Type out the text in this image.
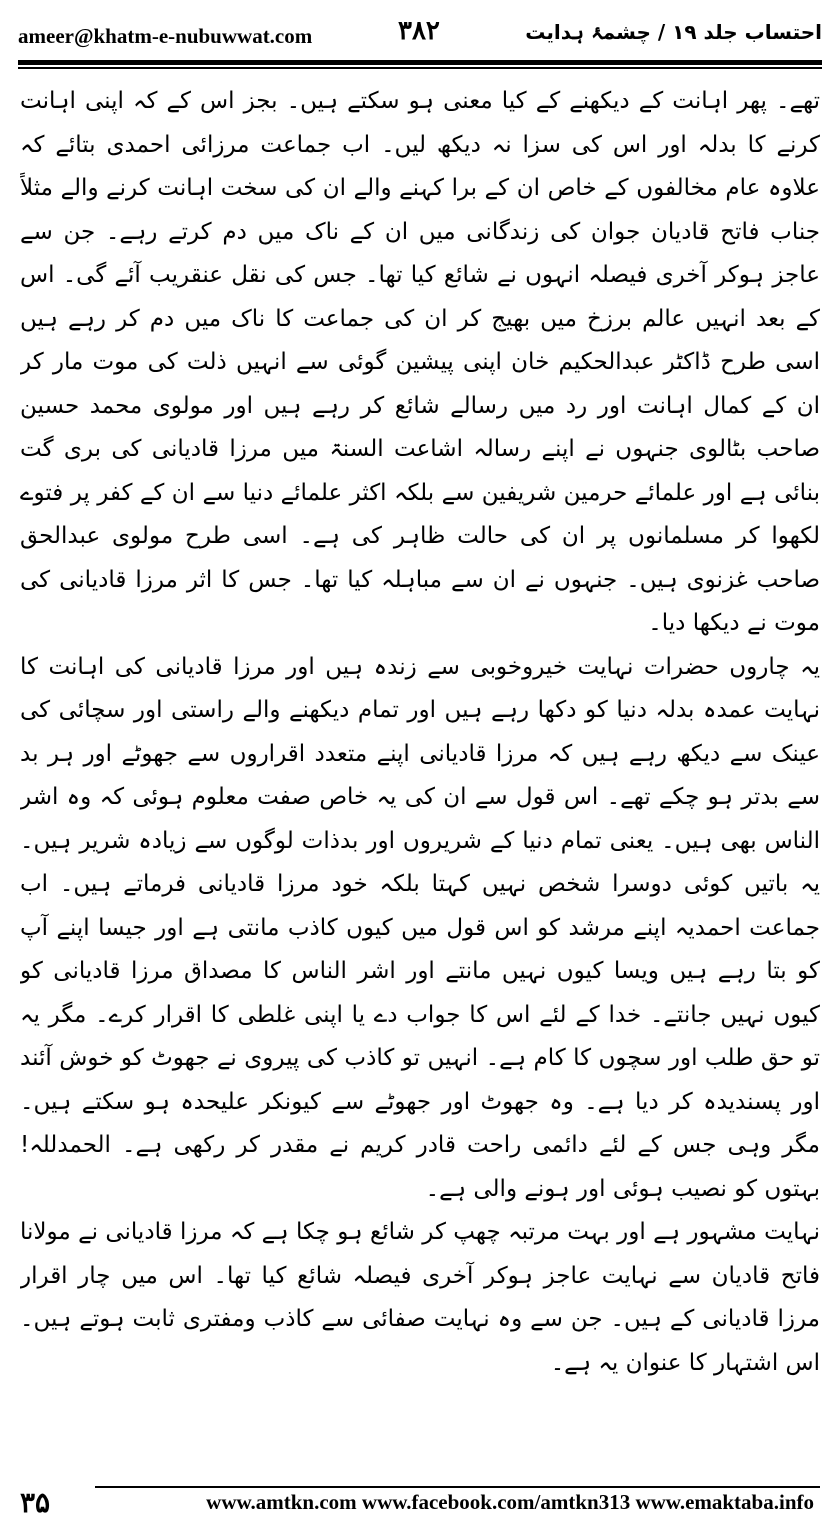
ameer@khatm-e-nubuwwat.com	۳۸۲	احتساب جلد ۱۹ / چشمۂ ہدایت

تھے۔ پھر اہانت کے دیکھنے کے کیا معنی ہو سکتے ہیں۔ بجز اس کے کہ اپنی اہانت کرنے کا بدلہ اور اس کی سزا نہ دیکھ لیں۔ اب جماعت مرزائی احمدی بتائے کہ علاوہ عام مخالفوں کے خاص ان کے برا کہنے والے ان کی سخت اہانت کرنے والے مثلاً جناب فاتح قادیان جوان کی زندگانی میں ان کے ناک میں دم کرتے رہے۔ جن سے عاجز ہوکر آخری فیصلہ انہوں نے شائع کیا تھا۔ جس کی نقل عنقریب آئے گی۔ اس کے بعد انہیں عالم برزخ میں بھیج کر ان کی جماعت کا ناک میں دم کر رہے ہیں اسی طرح ڈاکٹر عبدالحکیم خان اپنی پیشین گوئی سے انہیں ذلت کی موت مار کر ان کے کمال اہانت اور رد میں رسالے شائع کر رہے ہیں اور مولوی محمد حسین صاحب بٹالوی جنہوں نے اپنے رسالہ اشاعت السنۃ میں مرزا قادیانی کی بری گت بنائی ہے اور علمائے حرمین شریفین سے بلکہ اکثر علمائے دنیا سے ان کے کفر پر فتوے لکھوا کر مسلمانوں پر ان کی حالت ظاہر کی ہے۔ اسی طرح مولوی عبدالحق صاحب غزنوی ہیں۔ جنہوں نے ان سے مباہلہ کیا تھا۔ جس کا اثر مرزا قادیانی کی موت نے دیکھا دیا۔

یہ چاروں حضرات نہایت خیروخوبی سے زندہ ہیں اور مرزا قادیانی کی اہانت کا نہایت عمدہ بدلہ دنیا کو دکھا رہے ہیں اور تمام دیکھنے والے راستی اور سچائی کی عینک سے دیکھ رہے ہیں کہ مرزا قادیانی اپنے متعدد اقراروں سے جھوٹے اور ہر بد سے بدتر ہو چکے تھے۔ اس قول سے ان کی یہ خاص صفت معلوم ہوئی کہ وہ اشر الناس بھی ہیں۔ یعنی تمام دنیا کے شریروں اور بدذات لوگوں سے زیادہ شریر ہیں۔ یہ باتیں کوئی دوسرا شخص نہیں کہتا بلکہ خود مرزا قادیانی فرماتے ہیں۔ اب جماعت احمدیہ اپنے مرشد کو اس قول میں کیوں کاذب مانتی ہے اور جیسا اپنے آپ کو بتا رہے ہیں ویسا کیوں نہیں مانتے اور اشر الناس کا مصداق مرزا قادیانی کو کیوں نہیں جانتے۔ خدا کے لئے اس کا جواب دے یا اپنی غلطی کا اقرار کرے۔ مگر یہ تو حق طلب اور سچوں کا کام ہے۔ انہیں تو کاذب کی پیروی نے جھوٹ کو خوش آئند اور پسندیدہ کر دیا ہے۔ وہ جھوٹ اور جھوٹے سے کیونکر علیحدہ ہو سکتے ہیں۔ مگر وہی جس کے لئے دائمی راحت قادر کریم نے مقدر کر رکھی ہے۔ الحمدللہ! بہتوں کو نصیب ہوئی اور ہونے والی ہے۔

نہایت مشہور ہے اور بہت مرتبہ چھپ کر شائع ہو چکا ہے کہ مرزا قادیانی نے مولانا فاتح قادیان سے نہایت عاجز ہوکر آخری فیصلہ شائع کیا تھا۔ اس میں چار اقرار مرزا قادیانی کے ہیں۔ جن سے وہ نہایت صفائی سے کاذب ومفتری ثابت ہوتے ہیں۔ اس اشتہار کا عنوان یہ ہے۔

۳۵	www.amtkn.com www.facebook.com/amtkn313 www.emaktaba.info
